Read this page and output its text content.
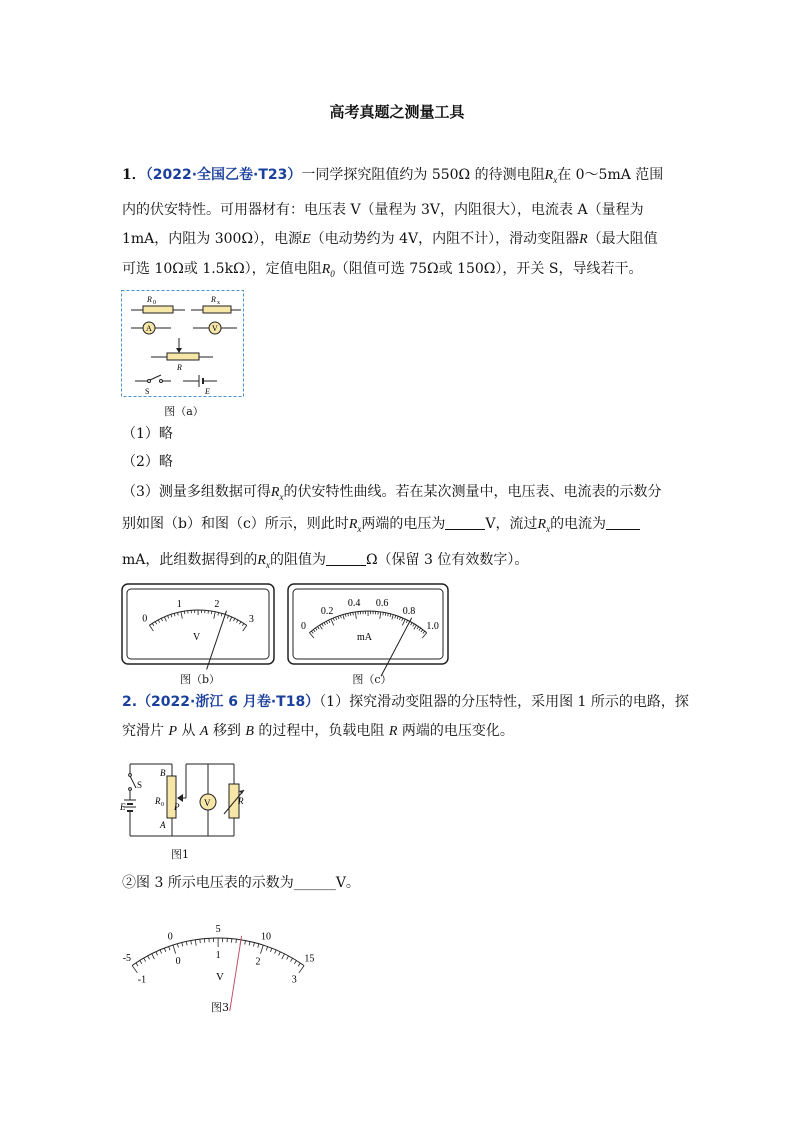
高考真题之测量工具
1．（2022·全国乙卷·T23）一同学探究阻值约为 550Ω 的待测电阻$R_x$在 0～5mA 范围
内的伏安特性。可用器材有：电压表 V（量程为 3V，内阻很大），电流表 A（量程为
1mA，内阻为 300Ω），电源E（电动势约为 4V，内阻不计），滑动变阻器R（最大阻值
可选 10Ω或 1.5kΩ），定值电阻$R_0$（阻值可选 75Ω或 150Ω），开关 S，导线若干。
R 0	R x
A	V
R
S	E
图（a）
（1）略
（2）略
（3）测量多组数据可得$R_x$的伏安特性曲线。若在某次测量中，电压表、电流表的示数分
别如图（b）和图（c）所示，则此时$R_x$两端的电压为	V，流过$R_x$的电流为
mA，此组数据得到的$R_x$的阻值为	Ω（保留 3 位有效数字）。
0
1	2
3
V
图（b）
0
0.2
0.4 0.6
0.8
1.0
mA
图（c）
2.（2022·浙江 6 月卷·T18）（1）探究滑动变阻器的分压特性，采用图 1 所示的电路，探
究滑片 P 从 A 移到 B 的过程中，负载电阻 R 两端的电压变化。
S
E
B
A
R 0 P	V	R
图1
②图 3 所示电压表的示数为______V。
-5
0
5
10
15
-1
0
1
2
3
V
图3
